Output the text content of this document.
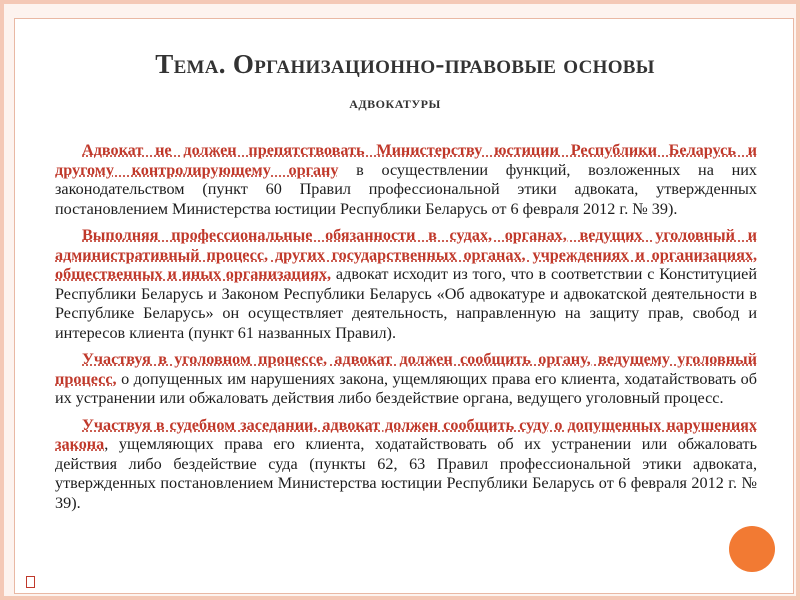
Тема. Организационно-правовые основы
адвокатуры

Адвокат не должен препятствовать Министерству юстиции Республики Беларусь и другому контролирующему органу в осуществлении функций, возложенных на них законодательством (пункт 60 Правил профессиональной этики адвоката, утвержденных постановлением Министерства юстиции Республики Беларусь от 6 февраля 2012 г. № 39).

Выполняя профессиональные обязанности в судах, органах, ведущих уголовный и административный процесс, других государственных органах, учреждениях и организациях, общественных и иных организациях, адвокат исходит из того, что в соответствии с Конституцией Республики Беларусь и Законом Республики Беларусь «Об адвокатуре и адвокатской деятельности в Республике Беларусь» он осуществляет деятельность, направленную на защиту прав, свобод и интересов клиента (пункт 61 названных Правил).

Участвуя в уголовном процессе, адвокат должен сообщить органу, ведущему уголовный процесс, о допущенных им нарушениях закона, ущемляющих права его клиента, ходатайствовать об их устранении или обжаловать действия либо бездействие органа, ведущего уголовный процесс.

Участвуя в судебном заседании, адвокат должен сообщить суду о допущенных нарушениях закона, ущемляющих права его клиента, ходатайствовать об их устранении или обжаловать действия либо бездействие суда (пункты 62, 63 Правил профессиональной этики адвоката, утвержденных постановлением Министерства юстиции Республики Беларусь от 6 февраля 2012 г. № 39).
